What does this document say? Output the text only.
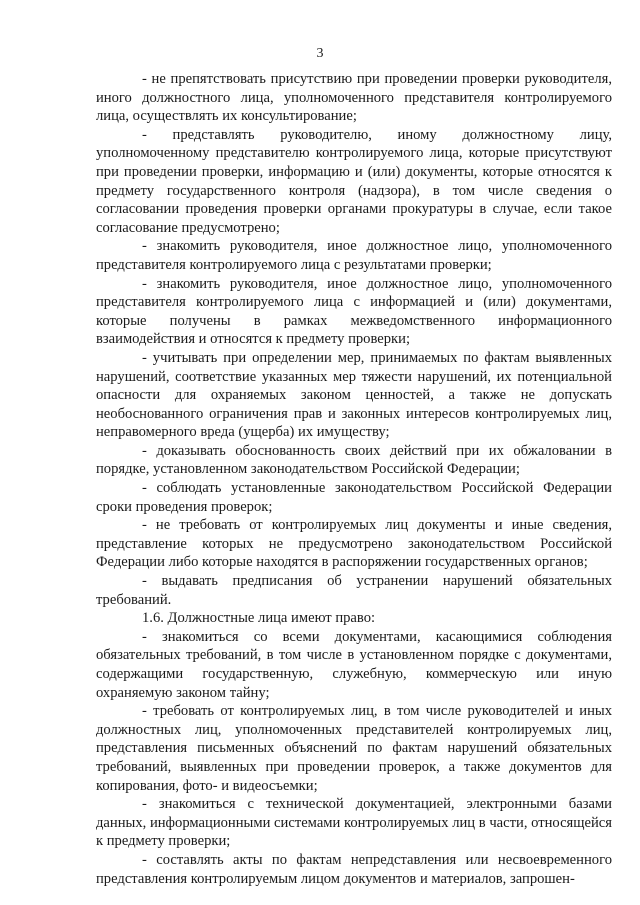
3

- не препятствовать присутствию при проведении проверки руководителя, иного должностного лица, уполномоченного представителя контролируемого лица, осуществлять их консультирование;

- представлять руководителю, иному должностному лицу, уполномоченному представителю контролируемого лица, которые присутствуют при проведении проверки, информацию и (или) документы, которые относятся к предмету государственного контроля (надзора), в том числе сведения о согласовании проведения проверки органами прокуратуры в случае, если такое согласование предусмотрено;

- знакомить руководителя, иное должностное лицо, уполномоченного представителя контролируемого лица с результатами проверки;

- знакомить руководителя, иное должностное лицо, уполномоченного представителя контролируемого лица с информацией и (или) документами, которые получены в рамках межведомственного информационного взаимодействия и относятся к предмету проверки;

- учитывать при определении мер, принимаемых по фактам выявленных нарушений, соответствие указанных мер тяжести нарушений, их потенциальной опасности для охраняемых законом ценностей, а также не допускать необоснованного ограничения прав и законных интересов контролируемых лиц, неправомерного вреда (ущерба) их имуществу;

- доказывать обоснованность своих действий при их обжаловании в порядке, установленном законодательством Российской Федерации;

- соблюдать установленные законодательством Российской Федерации сроки проведения проверок;

- не требовать от контролируемых лиц документы и иные сведения, представление которых не предусмотрено законодательством Российской Федерации либо которые находятся в распоряжении государственных органов;

- выдавать предписания об устранении нарушений обязательных требований.

1.6. Должностные лица имеют право:

- знакомиться со всеми документами, касающимися соблюдения обязательных требований, в том числе в установленном порядке с документами, содержащими государственную, служебную, коммерческую или иную охраняемую законом тайну;

- требовать от контролируемых лиц, в том числе руководителей и иных должностных лиц, уполномоченных представителей контролируемых лиц, представления письменных объяснений по фактам нарушений обязательных требований, выявленных при проведении проверок, а также документов для копирования, фото- и видеосъемки;

- знакомиться с технической документацией, электронными базами данных, информационными системами контролируемых лиц в части, относящейся к предмету проверки;

- составлять акты по фактам непредставления или несвоевременного представления контролируемым лицом документов и материалов, запрошен-
